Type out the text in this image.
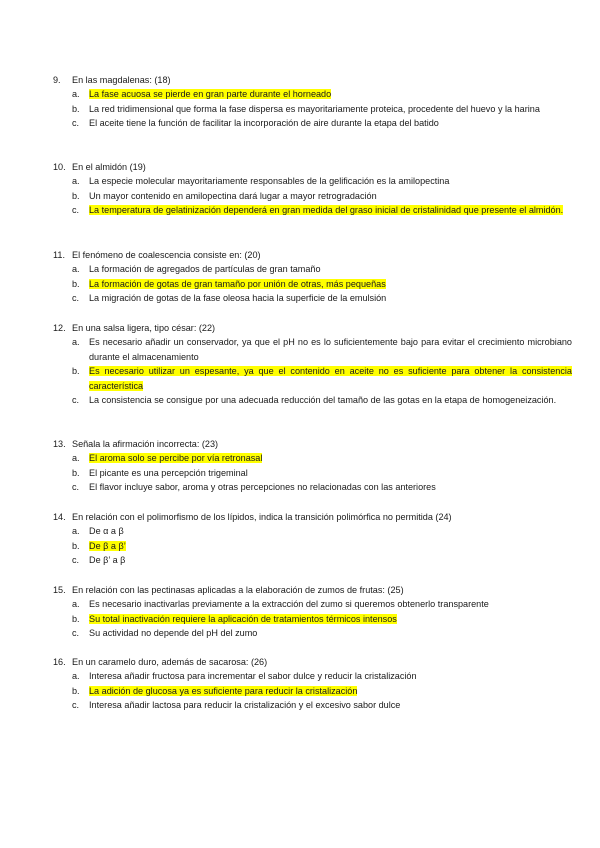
9. En las magdalenas: (18)
a. La fase acuosa se pierde en gran parte durante el horneado
b. La red tridimensional que forma la fase dispersa es mayoritariamente proteica, procedente del huevo y la harina
c. El aceite tiene la función de facilitar la incorporación de aire durante la etapa del batido
10. En el almidón (19)
a. La especie molecular mayoritariamente responsables de la gelificación es la amilopectina
b. Un mayor contenido en amilopectina dará lugar a mayor retrogradación
c. La temperatura de gelatinización dependerá en gran medida del graso inicial de cristalinidad que presente el almidón.
11. El fenómeno de coalescencia consiste en: (20)
a. La formación de agregados de partículas de gran tamaño
b. La formación de gotas de gran tamaño por unión de otras, más pequeñas
c. La migración de gotas de la fase oleosa hacia la superficie de la emulsión
12. En una salsa ligera, tipo césar: (22)
a. Es necesario añadir un conservador, ya que el pH no es lo suficientemente bajo para evitar el crecimiento microbiano durante el almacenamiento
b. Es necesario utilizar un espesante, ya que el contenido en aceite no es suficiente para obtener la consistencia característica
c. La consistencia se consigue por una adecuada reducción del tamaño de las gotas en la etapa de homogeneización.
13. Señala la afirmación incorrecta: (23)
a. El aroma solo se percibe por vía retronasal
b. El picante es una percepción trigeminal
c. El flavor incluye sabor, aroma y otras percepciones no relacionadas con las anteriores
14. En relación con el polimorfismo de los lípidos, indica la transición polimórfica no permitida (24)
a. De α a β
b. De β a β’
c. De β’ a β
15. En relación con las pectinasas aplicadas a la elaboración de zumos de frutas: (25)
a. Es necesario inactivarlas previamente a la extracción del zumo si queremos obtenerlo transparente
b. Su total inactivación requiere la aplicación de tratamientos térmicos intensos
c. Su actividad no depende del pH del zumo
16. En un caramelo duro, además de sacarosa: (26)
a. Interesa añadir fructosa para incrementar el sabor dulce y reducir la cristalización
b. La adición de glucosa ya es suficiente para reducir la cristalización
c. Interesa añadir lactosa para reducir la cristalización y el excesivo sabor dulce
